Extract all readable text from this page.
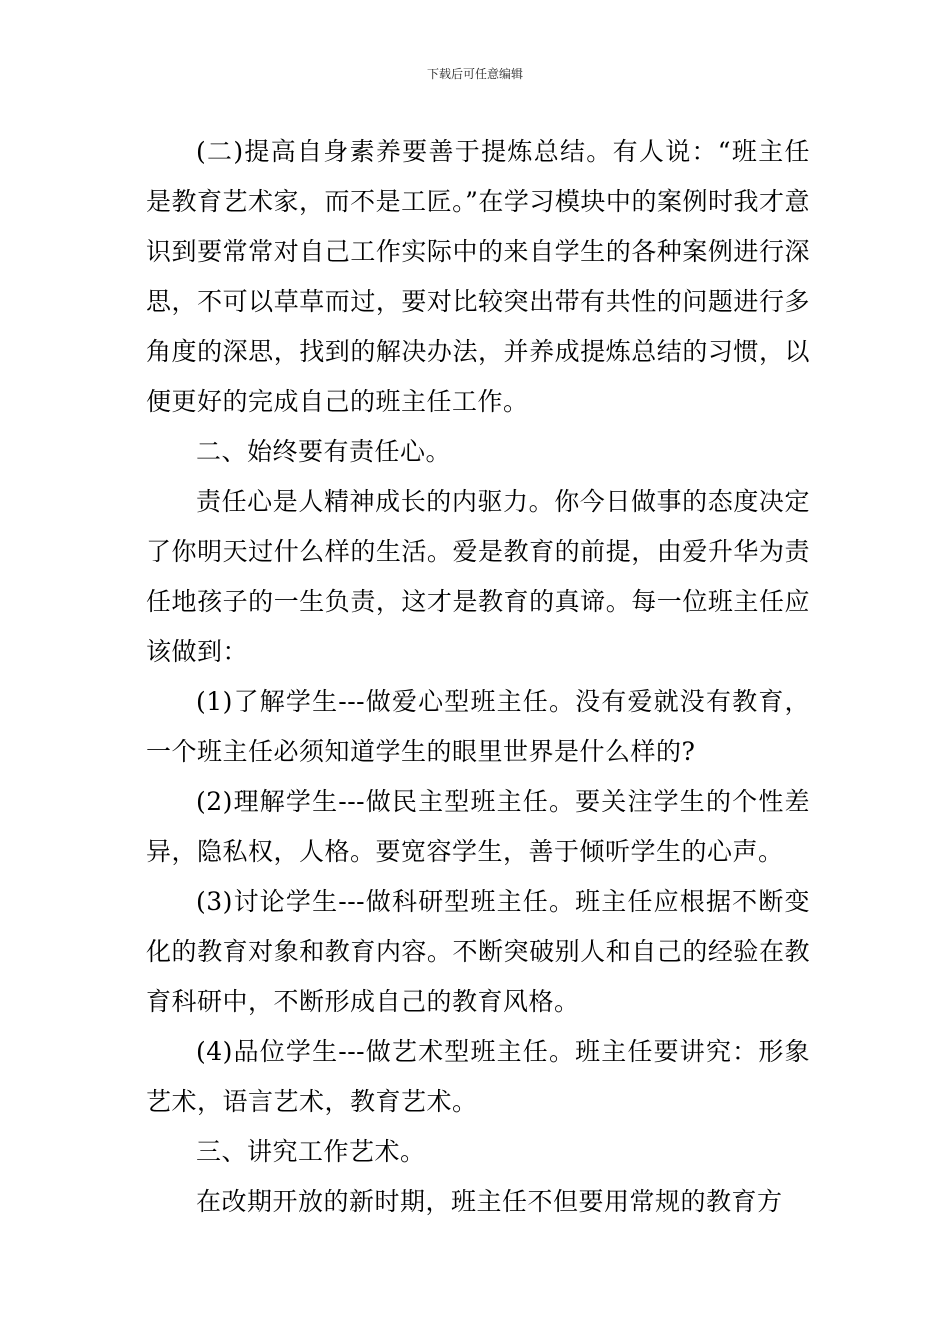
下载后可任意编辑

(二)提高自身素养要善于提炼总结。有人说：“班主任是教育艺术家，而不是工匠。”在学习模块中的案例时我才意识到要常常对自己工作实际中的来自学生的各种案例进行深思，不可以草草而过，要对比较突出带有共性的问题进行多角度的深思，找到的解决办法，并养成提炼总结的习惯，以便更好的完成自己的班主任工作。

二、始终要有责任心。

责任心是人精神成长的内驱力。你今日做事的态度决定了你明天过什么样的生活。爱是教育的前提，由爱升华为责任地孩子的一生负责，这才是教育的真谛。每一位班主任应该做到：

(1)了解学生---做爱心型班主任。没有爱就没有教育，一个班主任必须知道学生的眼里世界是什么样的?

(2)理解学生---做民主型班主任。要关注学生的个性差异，隐私权，人格。要宽容学生，善于倾听学生的心声。

(3)讨论学生---做科研型班主任。班主任应根据不断变化的教育对象和教育内容。不断突破别人和自己的经验在教育科研中，不断形成自己的教育风格。

(4)品位学生---做艺术型班主任。班主任要讲究：形象艺术，语言艺术，教育艺术。

三、讲究工作艺术。

在改期开放的新时期，班主任不但要用常规的教育方
